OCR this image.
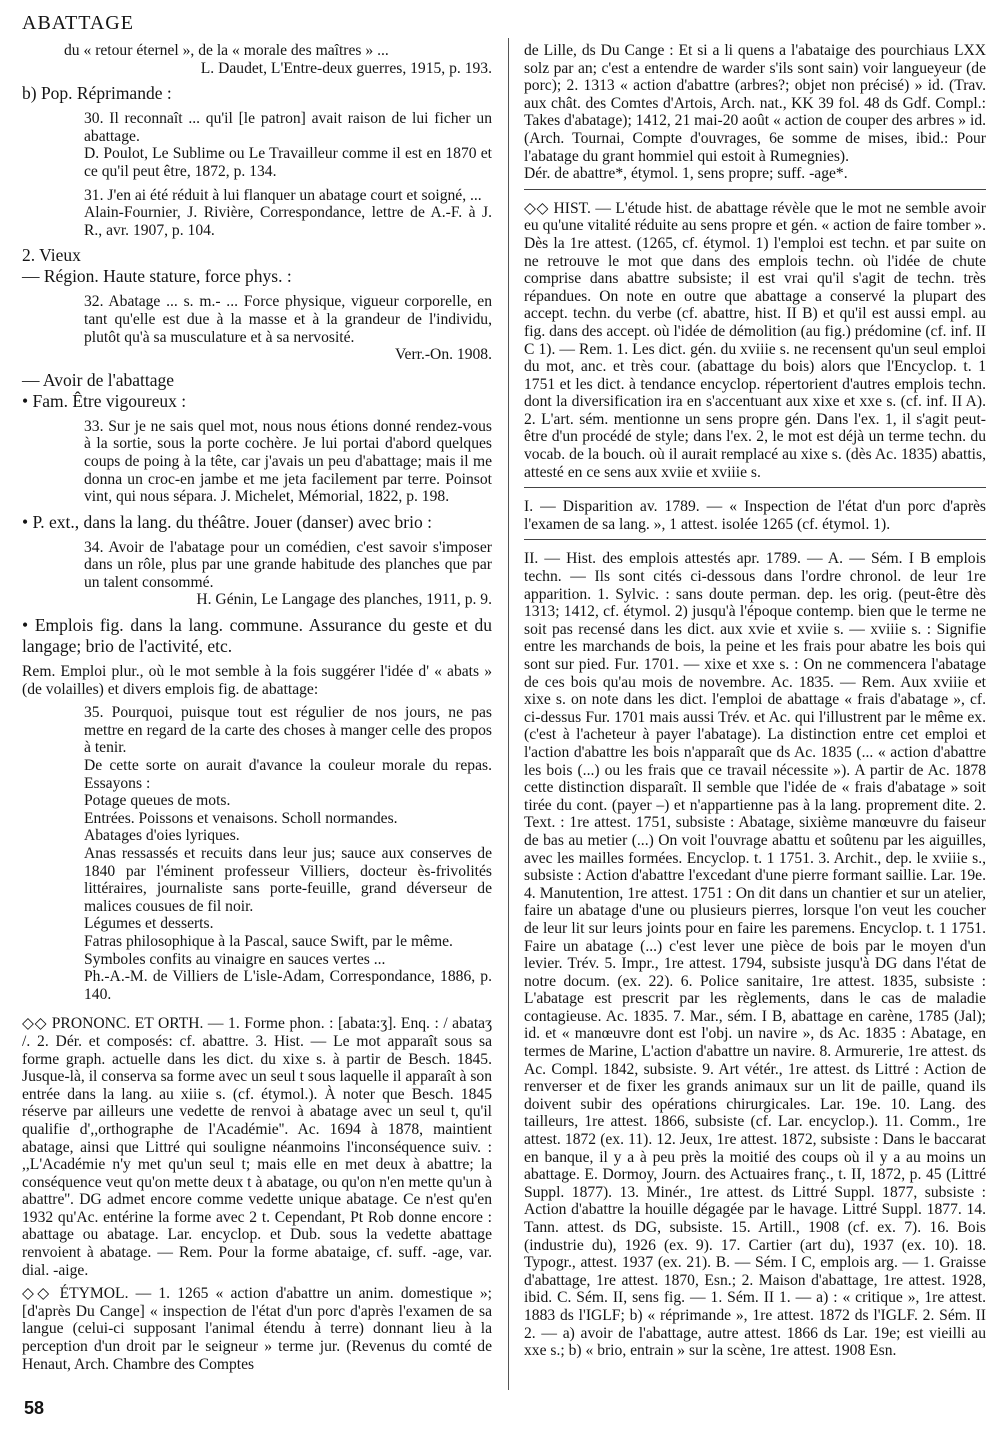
ABATTAGE

du « retour éternel », de la « morale des maîtres » ...

L. Daudet, L'Entre-deux guerres, 1915, p. 193.

b) Pop. Réprimande :

30. Il reconnaît ... qu'il [le patron] avait raison de lui ficher un abattage.

D. Poulot, Le Sublime ou Le Travailleur comme il est en 1870 et ce qu'il peut être, 1872, p. 134.

31. J'en ai été réduit à lui flanquer un abatage court et soigné, ...

Alain-Fournier, J. Rivière, Correspondance, lettre de A.-F. à J. R., avr. 1907, p. 104.

2. Vieux

— Région. Haute stature, force phys. :

32. Abatage ... s. m.- ... Force physique, vigueur corporelle, en tant qu'elle est due à la masse et à la grandeur de l'individu, plutôt qu'à sa musculature et à sa nervosité.

Verr.-On. 1908.

— Avoir de l'abattage

• Fam. Être vigoureux :

33. Sur je ne sais quel mot, nous nous étions donné rendez-vous à la sortie, sous la porte cochère. Je lui portai d'abord quelques coups de poing à la tête, car j'avais un peu d'abattage; mais il me donna un croc-en jambe et me jeta facilement par terre. Poinsot vint, qui nous sépara. J. Michelet, Mémorial, 1822, p. 198.

• P. ext., dans la lang. du théâtre. Jouer (danser) avec brio :

34. Avoir de l'abatage pour un comédien, c'est savoir s'imposer dans un rôle, plus par une grande habitude des planches que par un talent consommé.

H. Génin, Le Langage des planches, 1911, p. 9.

• Emplois fig. dans la lang. commune. Assurance du geste et du langage; brio de l'activité, etc.

Rem. Emploi plur., où le mot semble à la fois suggérer l'idée d' « abats » (de volailles) et divers emplois fig. de abattage:

35. Pourquoi, puisque tout est régulier de nos jours, ne pas mettre en regard de la carte des choses à manger celle des propos à tenir.

De cette sorte on aurait d'avance la couleur morale du repas. Essayons :

Potage queues de mots.

Entrées. Poissons et venaisons. Scholl normandes.

Abatages d'oies lyriques.

Anas ressassés et recuits dans leur jus; sauce aux conserves de 1840 par l'éminent professeur Villiers, docteur ès-frivolités littéraires, journaliste sans porte-feuille, grand déverseur de malices cousues de fil noir.

Légumes et desserts.

Fatras philosophique à la Pascal, sauce Swift, par le même.

Symboles confits au vinaigre en sauces vertes ...

Ph.-A.-M. de Villiers de L'isle-Adam, Correspondance, 1886, p. 140.

◇◇ PRONONC. ET ORTH. — 1. Forme phon. : [abata:ʒ]. Enq. : / abataʒ /. 2. Dér. et composés: cf. abattre. 3. Hist. — Le mot apparaît sous sa forme graph. actuelle dans les dict. du xixe s. à partir de Besch. 1845. Jusque-là, il conserva sa forme avec un seul t sous laquelle il apparaît à son entrée dans la lang. au xiiie s. (cf. étymol.). À noter que Besch. 1845 réserve par ailleurs une vedette de renvoi à abatage avec un seul t, qu'il qualifie d',,orthographe de l'Académie''. Ac. 1694 à 1878, maintient abatage, ainsi que Littré qui souligne néanmoins l'inconséquence suiv. : ,,L'Académie n'y met qu'un seul t; mais elle en met deux à abattre; la conséquence veut qu'on mette deux t à abatage, ou qu'on n'en mette qu'un à abattre''. DG admet encore comme vedette unique abatage. Ce n'est qu'en 1932 qu'Ac. entérine la forme avec 2 t. Cependant, Pt Rob donne encore : abattage ou abatage. Lar. encyclop. et Dub. sous la vedette abattage renvoient à abatage. — Rem. Pour la forme abataige, cf. suff. -age, var. dial. -aige.

◇◇ ÉTYMOL. — 1. 1265 « action d'abattre un anim. domestique »; [d'après Du Cange] « inspection de l'état d'un porc d'après l'examen de sa langue (celui-ci supposant l'animal étendu à terre) donnant lieu à la perception d'un droit par le seigneur » terme jur. (Revenus du comté de Henaut, Arch. Chambre des Comptes

de Lille, ds Du Cange : Et si a li quens a l'abataige des pourchiaus LXX solz par an; c'est a entendre de warder s'ils sont sain) voir langueyeur (de porc); 2. 1313 « action d'abattre (arbres?; objet non précisé) » id. (Trav. aux chât. des Comtes d'Artois, Arch. nat., KK 39 fol. 48 ds Gdf. Compl.: Takes d'abatage); 1412, 21 mai-20 août « action de couper des arbres » id. (Arch. Tournai, Compte d'ouvrages, 6e somme de mises, ibid.: Pour l'abatage du grant hommiel qui estoit à Rumegnies).

Dér. de abattre*, étymol. 1, sens propre; suff. -age*.

◇◇ HIST. — L'étude hist. de abattage révèle que le mot ne semble avoir eu qu'une vitalité réduite au sens propre et gén. « action de faire tomber ». Dès la 1re attest. (1265, cf. étymol. 1) l'emploi est techn. et par suite on ne retrouve le mot que dans des emplois techn. où l'idée de chute comprise dans abattre subsiste; il est vrai qu'il s'agit de techn. très répandues. On note en outre que abattage a conservé la plupart des accept. techn. du verbe (cf. abattre, hist. II B) et qu'il est aussi empl. au fig. dans des accept. où l'idée de démolition (au fig.) prédomine (cf. inf. II C 1). — Rem. 1. Les dict. gén. du xviiie s. ne recensent qu'un seul emploi du mot, anc. et très cour. (abattage du bois) alors que l'Encyclop. t. 1 1751 et les dict. à tendance encyclop. répertorient d'autres emplois techn. dont la diversification ira en s'accentuant aux xixe et xxe s. (cf. inf. II A). 2. L'art. sém. mentionne un sens propre gén. Dans l'ex. 1, il s'agit peut-être d'un procédé de style; dans l'ex. 2, le mot est déjà un terme techn. du vocab. de la bouch. où il aurait remplacé au xixe s. (dès Ac. 1835) abattis, attesté en ce sens aux xviie et xviiie s.

I. — Disparition av. 1789. — « Inspection de l'état d'un porc d'après l'examen de sa lang. », 1 attest. isolée 1265 (cf. étymol. 1).

II. — Hist. des emplois attestés apr. 1789. — A. — Sém. I B emplois techn. — Ils sont cités ci-dessous dans l'ordre chronol. de leur 1re apparition. 1. Sylvic. : sans doute perman. dep. les orig. (peut-être dès 1313; 1412, cf. étymol. 2) jusqu'à l'époque contemp. bien que le terme ne soit pas recensé dans les dict. aux xvie et xviie s. — xviiie s. : Signifie entre les marchands de bois, la peine et les frais pour abatre les bois qui sont sur pied. Fur. 1701. — xixe et xxe s. : On ne commencera l'abatage de ces bois qu'au mois de novembre. Ac. 1835. — Rem. Aux xviiie et xixe s. on note dans les dict. l'emploi de abattage « frais d'abatage », cf. ci-dessus Fur. 1701 mais aussi Trév. et Ac. qui l'illustrent par le même ex. (c'est à l'acheteur à payer l'abatage). La distinction entre cet emploi et l'action d'abattre les bois n'apparaît que ds Ac. 1835 (... « action d'abattre les bois (...) ou les frais que ce travail nécessite »). A partir de Ac. 1878 cette distinction disparaît. Il semble que l'idée de « frais d'abatage » soit tirée du cont. (payer –) et n'appartienne pas à la lang. proprement dite. 2. Text. : 1re attest. 1751, subsiste : Abatage, sixième manœuvre du faiseur de bas au metier (...) On voit l'ouvrage abattu et soûtenu par les aiguilles, avec les mailles formées. Encyclop. t. 1 1751. 3. Archit., dep. le xviiie s., subsiste : Action d'abattre l'excedant d'une pierre formant saillie. Lar. 19e. 4. Manutention, 1re attest. 1751 : On dit dans un chantier et sur un atelier, faire un abatage d'une ou plusieurs pierres, lorsque l'on veut les coucher de leur lit sur leurs joints pour en faire les paremens. Encyclop. t. 1 1751. Faire un abatage (...) c'est lever une pièce de bois par le moyen d'un levier. Trév. 5. Impr., 1re attest. 1794, subsiste jusqu'à DG dans l'état de notre docum. (ex. 22). 6. Police sanitaire, 1re attest. 1835, subsiste : L'abatage est prescrit par les règlements, dans le cas de maladie contagieuse. Ac. 1835. 7. Mar., sém. I B, abattage en carène, 1785 (Jal); id. et « manœuvre dont est l'obj. un navire », ds Ac. 1835 : Abatage, en termes de Marine, L'action d'abattre un navire. 8. Armurerie, 1re attest. ds Ac. Compl. 1842, subsiste. 9. Art vétér., 1re attest. ds Littré : Action de renverser et de fixer les grands animaux sur un lit de paille, quand ils doivent subir des opérations chirurgicales. Lar. 19e. 10. Lang. des tailleurs, 1re attest. 1866, subsiste (cf. Lar. encyclop.). 11. Comm., 1re attest. 1872 (ex. 11). 12. Jeux, 1re attest. 1872, subsiste : Dans le baccarat en banque, il y a à peu près la moitié des coups où il y a au moins un abattage. E. Dormoy, Journ. des Actuaires franç., t. II, 1872, p. 45 (Littré Suppl. 1877). 13. Minér., 1re attest. ds Littré Suppl. 1877, subsiste : Action d'abattre la houille dégagée par le havage. Littré Suppl. 1877. 14. Tann. attest. ds DG, subsiste. 15. Artill., 1908 (cf. ex. 7). 16. Bois (industrie du), 1926 (ex. 9). 17. Cartier (art du), 1937 (ex. 10). 18. Typogr., attest. 1937 (ex. 21). B. — Sém. I C, emplois arg. — 1. Graisse d'abattage, 1re attest. 1870, Esn.; 2. Maison d'abattage, 1re attest. 1928, ibid. C. Sém. II, sens fig. — 1. Sém. II 1. — a) : « critique », 1re attest. 1883 ds l'IGLF; b) « réprimande », 1re attest. 1872 ds l'IGLF. 2. Sém. II 2. — a) avoir de l'abattage, autre attest. 1866 ds Lar. 19e; est vieilli au xxe s.; b) « brio, entrain » sur la scène, 1re attest. 1908 Esn.

58
